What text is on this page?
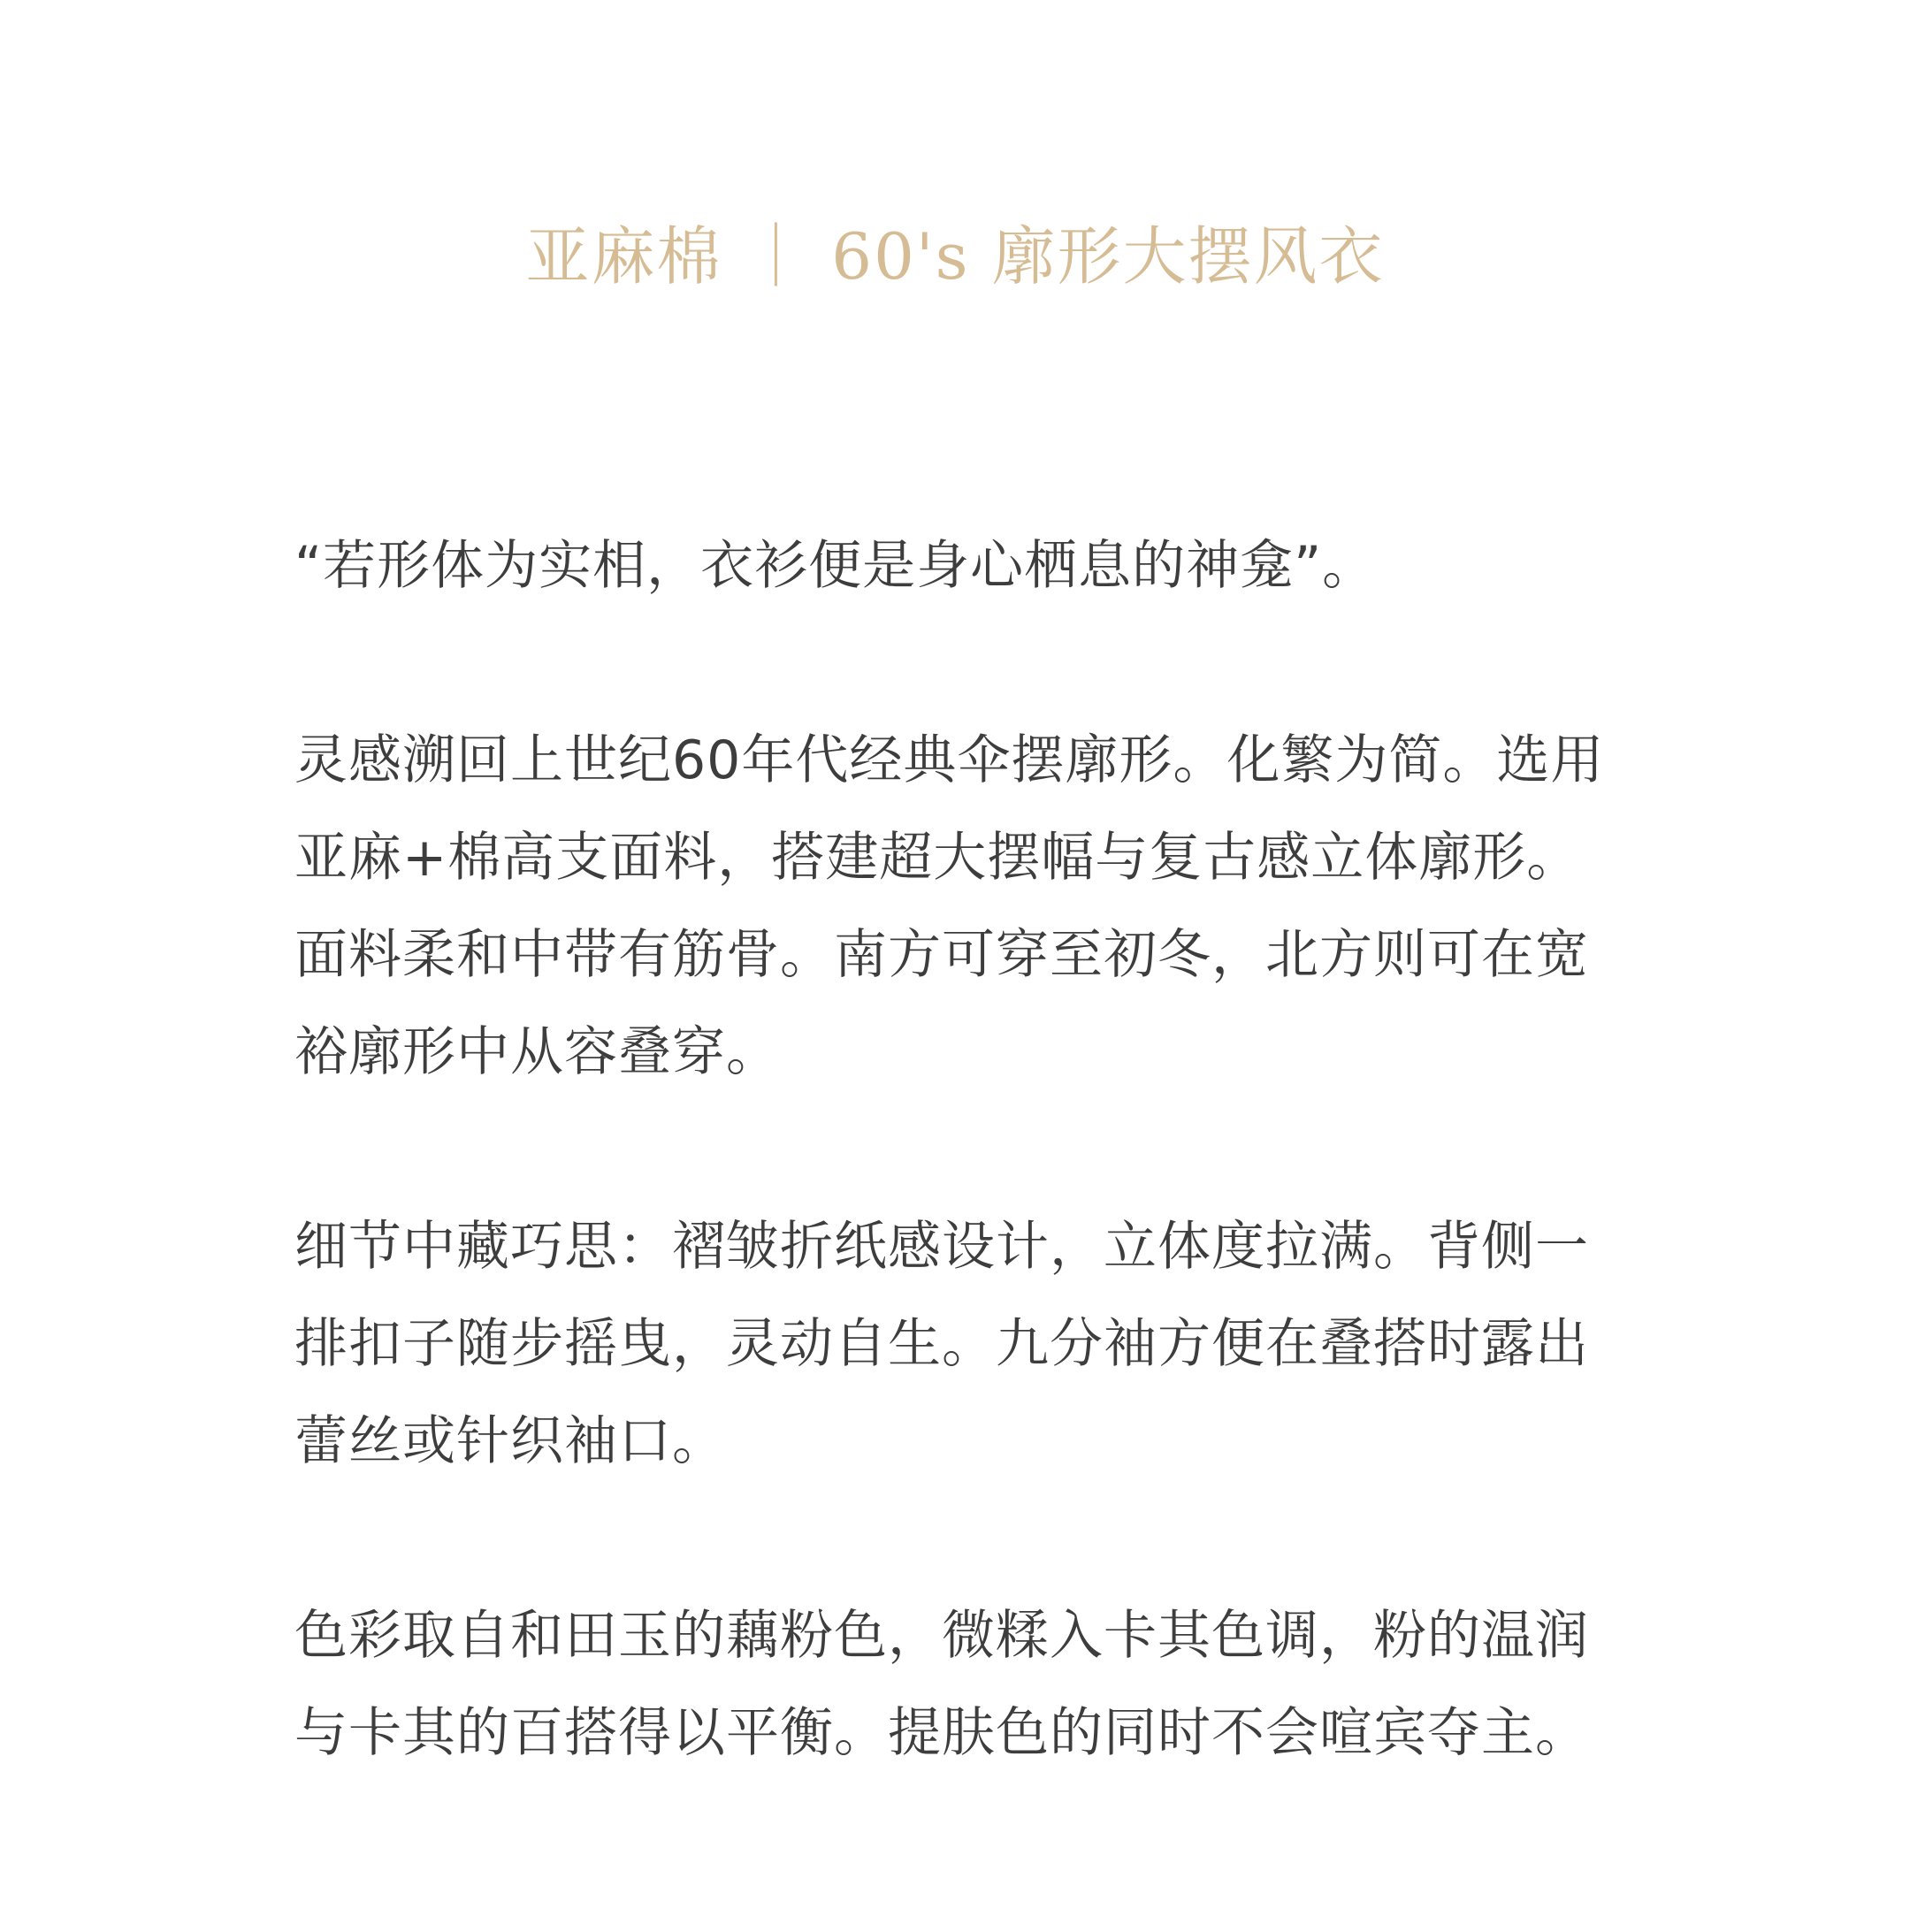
亚麻棉 ｜ 60's 廓形大摆风衣

“若形体为实相，衣衫便是身心栖息的神龛”。

灵感溯回上世纪60年代经典伞摆廓形。化繁为简。选用亚麻+棉高支面料，搭建超大摆幅与复古感立体廓形。面料柔和中带有筋骨。南方可穿至初冬，北方则可在宽裕廓形中从容叠穿。

细节中藏巧思：褶皱折纸感设计，立体度拉满。背侧一排扣子随步摇曳，灵动自生。九分袖方便在叠搭时露出蕾丝或针织袖口。

色彩取自和田玉的藕粉色，微糅入卡其色调，粉的温润与卡其的百搭得以平衡。提肤色的同时不会喧宾夺主。
